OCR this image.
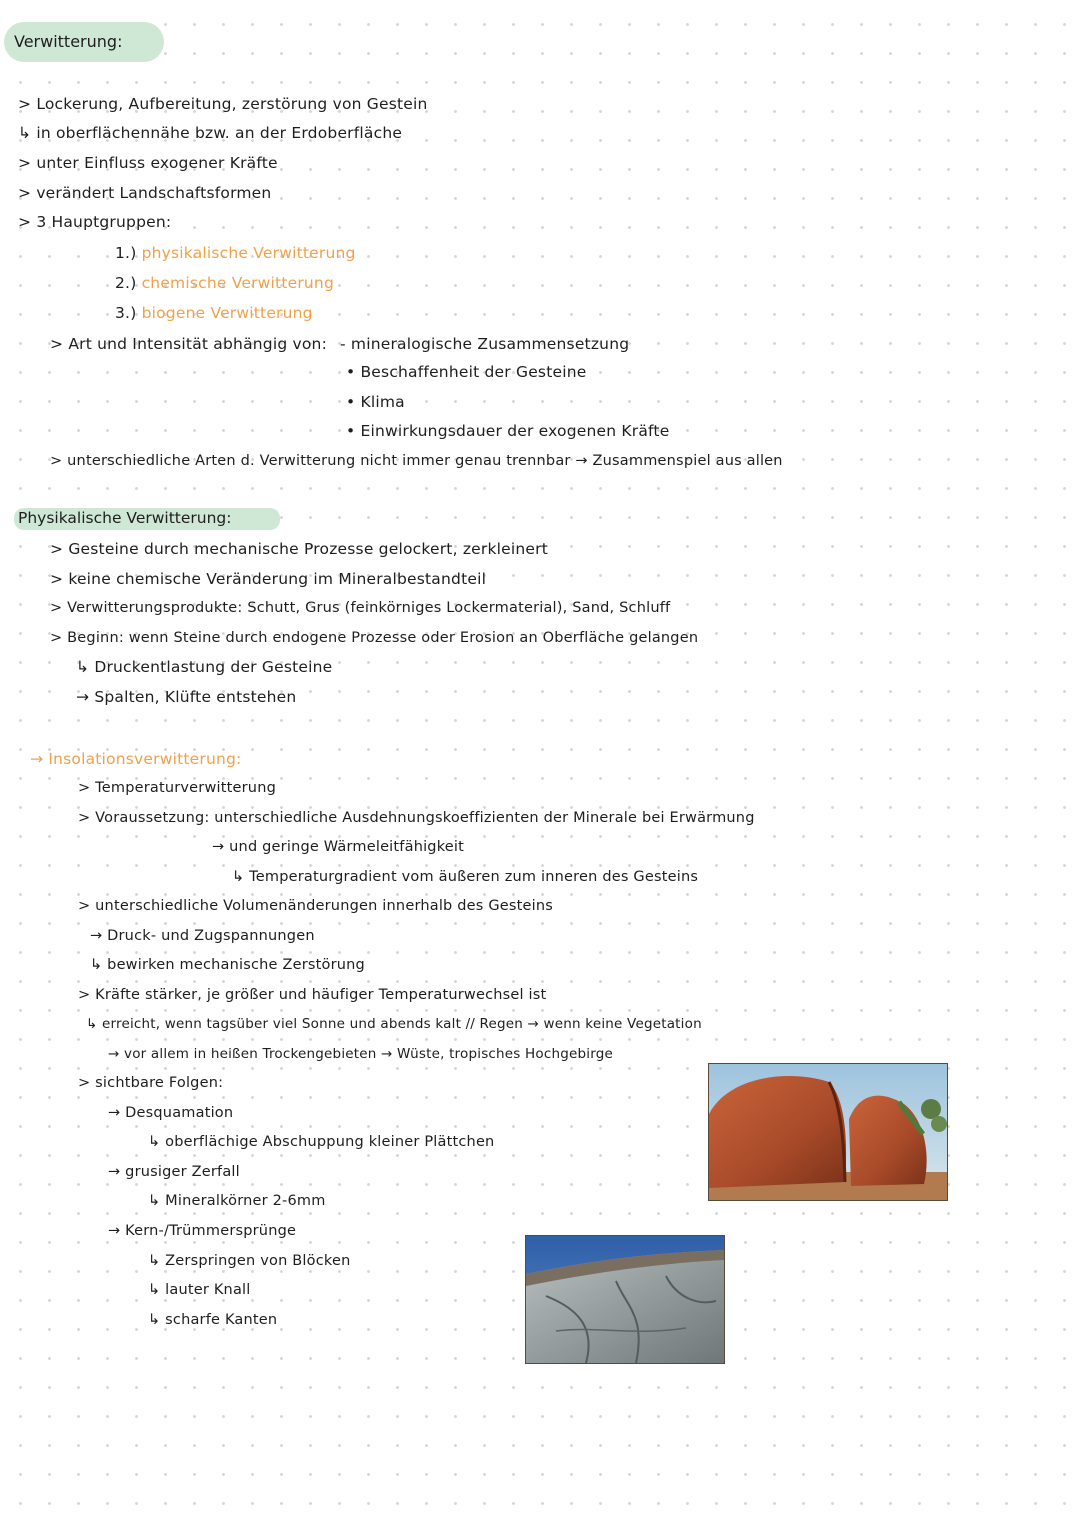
Verwitterung:
> Lockerung, Aufbereitung, zerstörung von Gestein
↳ in oberflächennähe bzw. an der Erdoberfläche
> unter Einfluss exogener Kräfte
> verändert Landschaftsformen
> 3 Hauptgruppen:
1.) physikalische Verwitterung
2.) chemische Verwitterung
3.) biogene Verwitterung
> Art und Intensität abhängig von: - mineralogische Zusammensetzung
• Beschaffenheit der Gesteine
• Klima
• Einwirkungsdauer der exogenen Kräfte
> unterschiedliche Arten d. Verwitterung nicht immer genau trennbar → Zusammenspiel aus allen
Physikalische Verwitterung:
> Gesteine durch mechanische Prozesse gelockert, zerkleinert
> keine chemische Veränderung im Mineralbestandteil
> Verwitterungsprodukte: Schutt, Grus (feinkörniges Lockermaterial), Sand, Schluff
> Beginn: wenn Steine durch endogene Prozesse oder Erosion an Oberfläche gelangen
↳ Druckentlastung der Gesteine
→ Spalten, Klüfte entstehen
→ Insolationsverwitterung:
> Temperaturverwitterung
> Voraussetzung: unterschiedliche Ausdehnungskoeffizienten der Minerale bei Erwärmung
→ und geringe Wärmeleitfähigkeit
↳ Temperaturgradient vom äußeren zum inneren des Gesteins
> unterschiedliche Volumenänderungen innerhalb des Gesteins
→ Druck- und Zugspannungen
↳ bewirken mechanische Zerstörung
> Kräfte stärker, je größer und häufiger Temperaturwechsel ist
↳ erreicht, wenn tagsüber viel Sonne und abends kalt // Regen → wenn keine Vegetation
→ vor allem in heißen Trockengebieten → Wüste, tropisches Hochgebirge
> sichtbare Folgen:
→ Desquamation
↳ oberflächige Abschuppung kleiner Plättchen
→ grusiger Zerfall
↳ Mineralkörner 2-6mm
→ Kern-/Trümmersprünge
↳ Zerspringen von Blöcken
↳ lauter Knall
↳ scharfe Kanten
